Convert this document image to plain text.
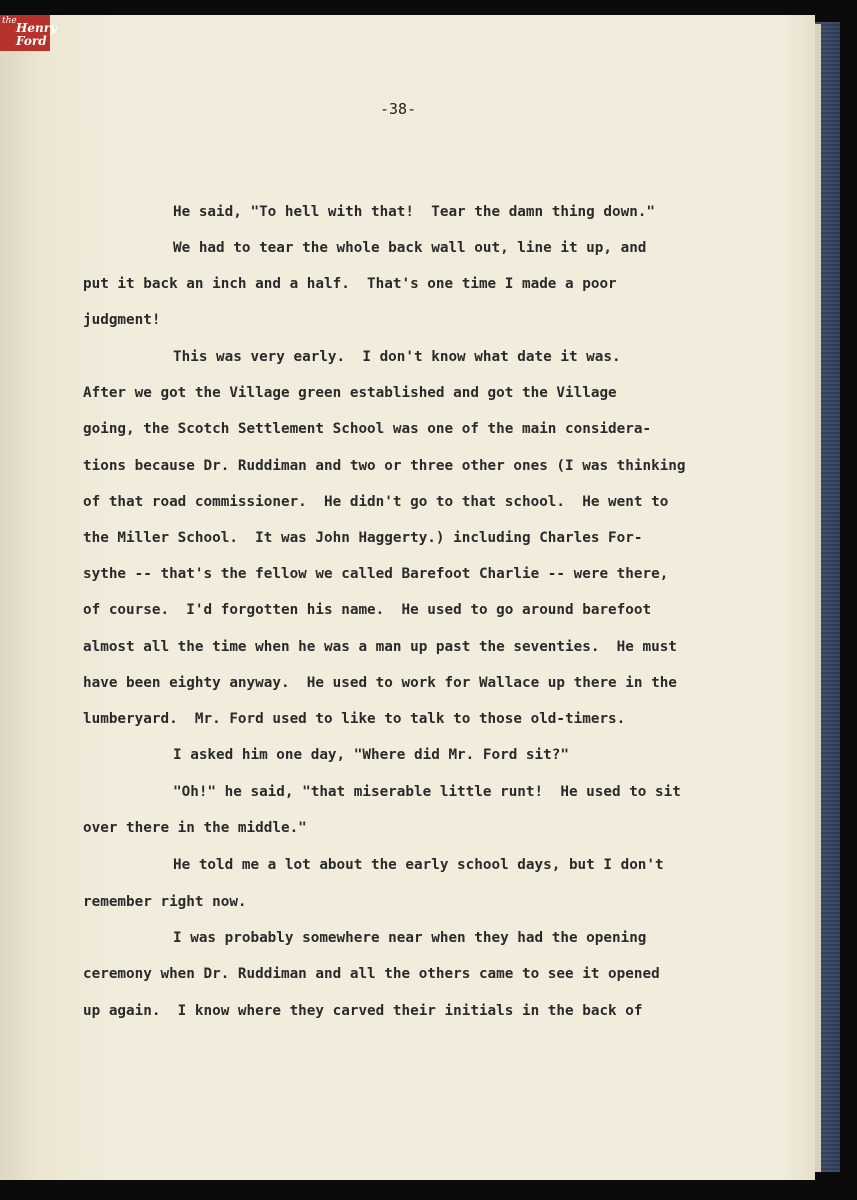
the Henry
Ford
-38-
He said, "To hell with that!  Tear the damn thing down."
We had to tear the whole back wall out, line it up, and
put it back an inch and a half.  That's one time I made a poor
judgment!
This was very early.  I don't know what date it was.
After we got the Village green established and got the Village
going, the Scotch Settlement School was one of the main considera-
tions because Dr. Ruddiman and two or three other ones (I was thinking
of that road commissioner.  He didn't go to that school.  He went to
the Miller School.  It was John Haggerty.) including Charles For-
sythe -- that's the fellow we called Barefoot Charlie -- were there,
of course.  I'd forgotten his name.  He used to go around barefoot
almost all the time when he was a man up past the seventies.  He must
have been eighty anyway.  He used to work for Wallace up there in the
lumberyard.  Mr. Ford used to like to talk to those old-timers.
I asked him one day, "Where did Mr. Ford sit?"
"Oh!" he said, "that miserable little runt!  He used to sit
over there in the middle."
He told me a lot about the early school days, but I don't
remember right now.
I was probably somewhere near when they had the opening
ceremony when Dr. Ruddiman and all the others came to see it opened
up again.  I know where they carved their initials in the back of
